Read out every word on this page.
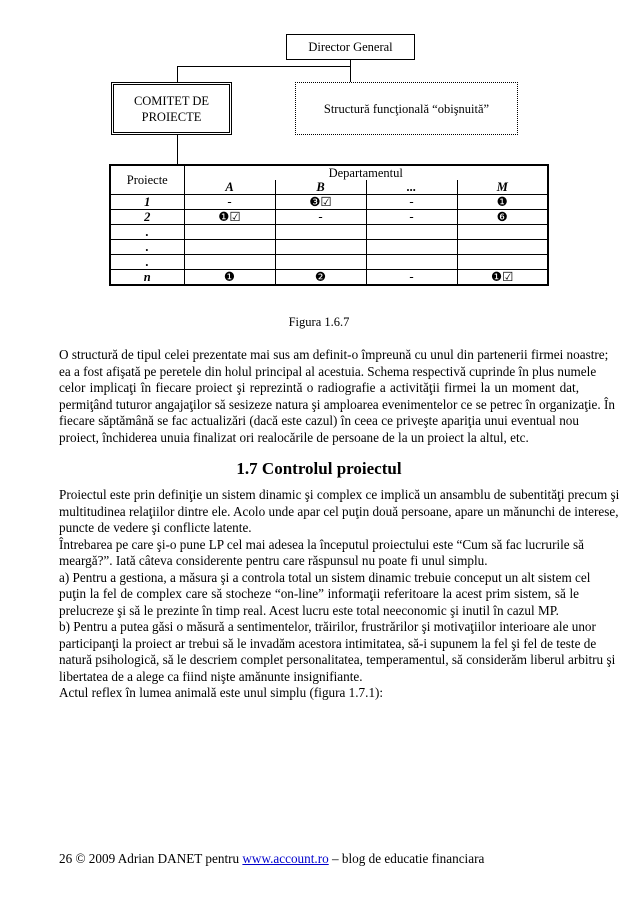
Director General
COMITET DE
PROIECTE
Structură funcţională “obişnuită”
Proiecte	Departamentul			
	A	B	...	M
1	-	❸☑	-	❶
2	❶☑	-	-	❻
.				
.				
.				
n	❶	❷	-	❶☑
Figura 1.6.7
O structură de tipul celei prezentate mai sus am definit-o împreună cu unul din partenerii firmei noastre;
ea a fost afişată pe peretele din holul principal al acestuia. Schema respectivă cuprinde în plus numele
celor implicaţi în fiecare proiect şi reprezintă o radiografie a activităţii firmei la un moment dat,
permiţând tuturor angajaţilor să sesizeze natura şi amploarea evenimentelor ce se petrec în organizaţie. În
fiecare săptămână se fac actualizări (dacă este cazul) în ceea ce priveşte apariţia unui eventual nou
proiect, închiderea unuia finalizat ori realocările de persoane de la un proiect la altul, etc.
1.7 Controlul proiectul
Proiectul este prin definiţie un sistem dinamic şi complex ce implică un ansamblu de subentităţi precum şi
multitudinea relaţiilor dintre ele. Acolo unde apar cel puţin două persoane, apare un mănunchi de interese,
puncte de vedere şi conflicte latente.
Întrebarea pe care şi-o pune LP cel mai adesea la începutul proiectului este “Cum să fac lucrurile să
meargă?”. Iată câteva considerente pentru care răspunsul nu poate fi unul simplu.
a) Pentru a gestiona, a măsura şi a controla total un sistem dinamic trebuie conceput un alt sistem cel
puţin la fel de complex care să stocheze “on-line” informaţii referitoare la acest prim sistem, să le
prelucreze şi să le prezinte în timp real. Acest lucru este total neeconomic şi inutil în cazul MP.
b) Pentru a putea găsi o măsură a sentimentelor, trăirilor, frustrărilor şi motivaţiilor interioare ale unor
participanţi la proiect ar trebui să le invadăm acestora intimitatea, să-i supunem la fel şi fel de teste de
natură psihologică, să le descriem complet personalitatea, temperamentul, să considerăm liberul arbitru şi
libertatea de a alege ca fiind nişte amănunte insignifiante.
Actul reflex în lumea animală este unul simplu (figura 1.7.1):
26 © 2009 Adrian DANET pentru www.account.ro – blog de educatie financiara
